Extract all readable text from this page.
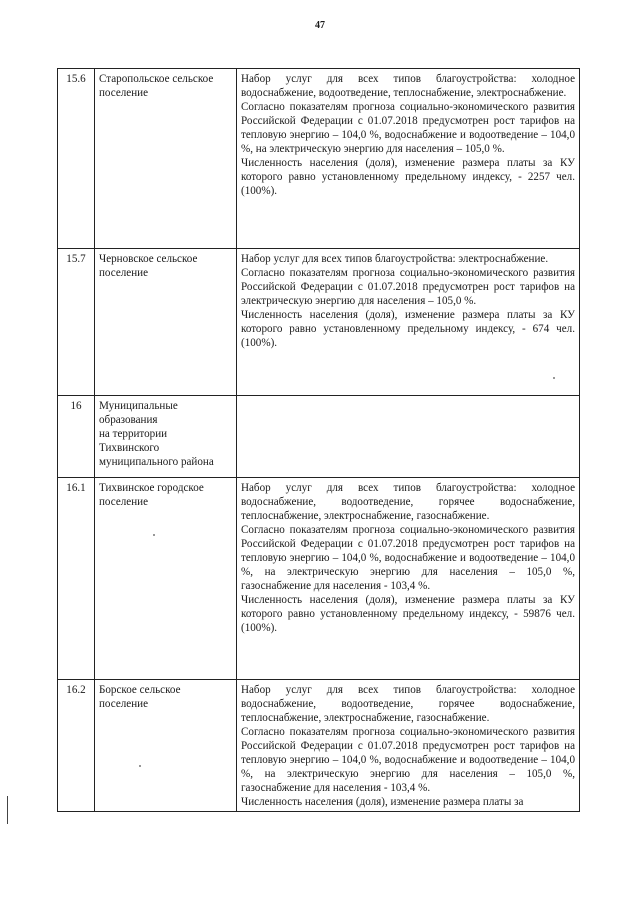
47
15.6	Старопольское сельское поселение	Набор услуг для всех типов благоустройства: холодное водоснабжение, водоотведение, теплоснабжение, электроснабжение.

Согласно показателям прогноза социально-экономического развития Российской Федерации с 01.07.2018 предусмотрен рост тарифов на тепловую энергию – 104,0 %, водоснабжение и водоотведение – 104,0 %, на электрическую энергию для населения – 105,0 %.

Численность населения (доля), изменение размера платы за КУ которого равно установленному предельному индексу, - 2257 чел. (100%).

15.7	Черновское сельское поселение	Набор услуг для всех типов благоустройства: электроснабжение.

Согласно показателям прогноза социально-экономического развития Российской Федерации с 01.07.2018 предусмотрен рост тарифов на электрическую энергию для населения – 105,0 %.

Численность населения (доля), изменение размера платы за КУ которого равно установленному предельному индексу, - 674 чел. (100%).

16	Муниципальные
образования
на территории
Тихвинского
муниципального района	
16.1	Тихвинское городское поселение	Набор услуг для всех типов благоустройства: холодное водоснабжение, водоотведение, горячее водоснабжение, теплоснабжение, электроснабжение, газоснабжение.

Согласно показателям прогноза социально-экономического развития Российской Федерации с 01.07.2018 предусмотрен рост тарифов на тепловую энергию – 104,0 %, водоснабжение и водоотведение – 104,0 %, на электрическую энергию для населения – 105,0 %, газоснабжение для населения - 103,4 %.

Численность населения (доля), изменение размера платы за КУ которого равно установленному предельному индексу, - 59876 чел. (100%).

16.2	Борское сельское поселение	Набор услуг для всех типов благоустройства: холодное водоснабжение, водоотведение, горячее водоснабжение, теплоснабжение, электроснабжение, газоснабжение.

Согласно показателям прогноза социально-экономического развития Российской Федерации с 01.07.2018 предусмотрен рост тарифов на тепловую энергию – 104,0 %, водоснабжение и водоотведение – 104,0 %, на электрическую энергию для населения – 105,0 %, газоснабжение для населения - 103,4 %.

Численность населения (доля), изменение размера платы за
